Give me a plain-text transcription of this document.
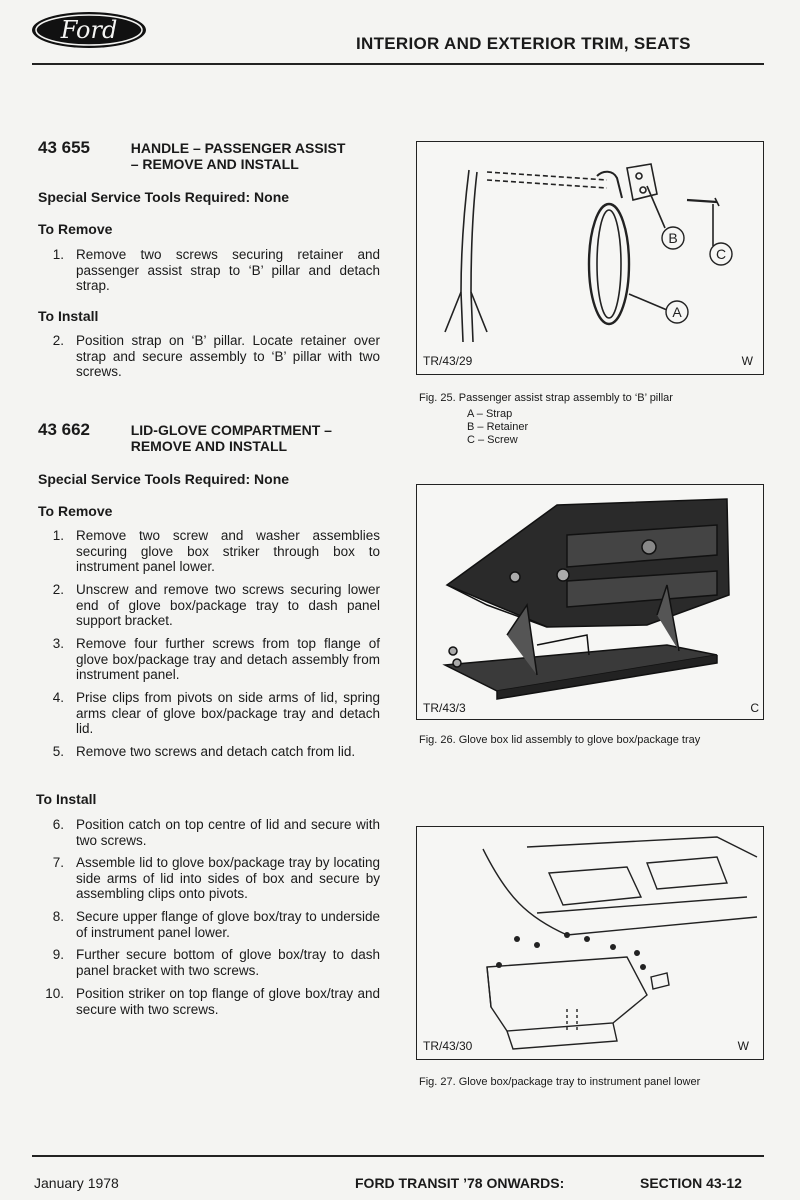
Ford	INTERIOR AND EXTERIOR TRIM, SEATS
43 655	HANDLE – PASSENGER ASSIST
– REMOVE AND INSTALL
Special Service Tools Required: None
To Remove
1. Remove two screws securing retainer and passenger assist strap to ‘B’ pillar and detach strap.
To Install
2. Position strap on ‘B’ pillar. Locate retainer over strap and secure assembly to ‘B’ pillar with two screws.
43 662	LID-GLOVE COMPARTMENT –
REMOVE AND INSTALL
Special Service Tools Required: None
To Remove
1. Remove two screw and washer assemblies securing glove box striker through box to instrument panel lower.
2. Unscrew and remove two screws securing lower end of glove box/package tray to dash panel support bracket.
3. Remove four further screws from top flange of glove box/package tray and detach assembly from instrument panel.
4. Prise clips from pivots on side arms of lid, spring arms clear of glove box/package tray and detach lid.
5. Remove two screws and detach catch from lid.
To Install
6. Position catch on top centre of lid and secure with two screws.
7. Assemble lid to glove box/package tray by locating side arms of lid into sides of box and secure by assembling clips onto pivots.
8. Secure upper flange of glove box/tray to underside of instrument panel lower.
9. Further secure bottom of glove box/tray to dash panel bracket with two screws.
10. Position striker on top flange of glove box/tray and secure with two screws.
B
C
A
TR/43/29	W
Fig. 25. Passenger assist strap assembly to ‘B’ pillar
A – Strap
B – Retainer
C – Screw
TR/43/3	C
Fig. 26. Glove box lid assembly to glove box/package tray
TR/43/30	W
Fig. 27. Glove box/package tray to instrument panel lower
January 1978	FORD TRANSIT ’78 ONWARDS:	SECTION 43-12
